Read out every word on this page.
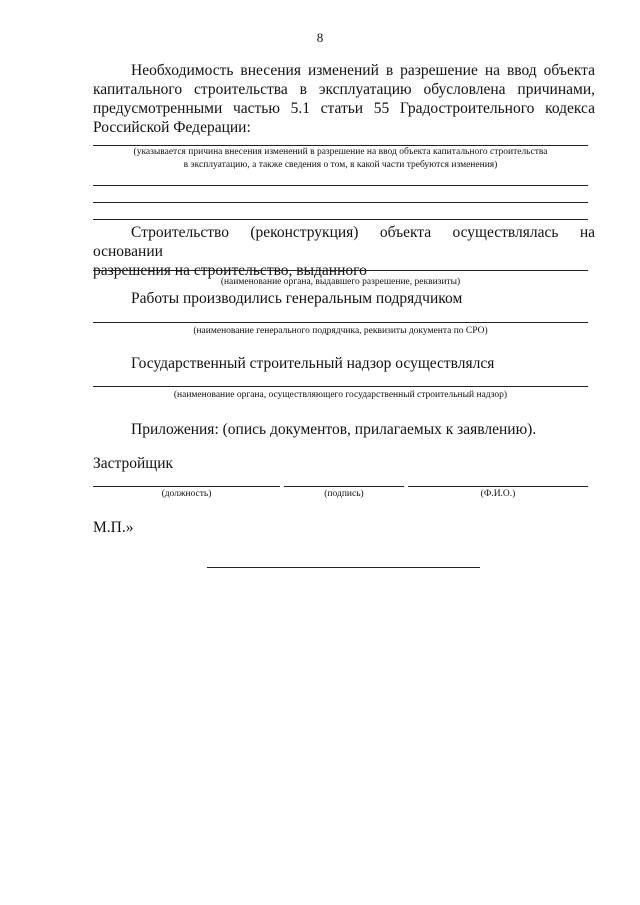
8
Необходимость внесения изменений в разрешение на ввод объекта
капитального строительства в эксплуатацию обусловлена причинами,
предусмотренными частью 5.1 статьи 55 Градостроительного кодекса
Российской Федерации:
(указывается причина внесения изменений в разрешение на ввод объекта капитального строительства
в эксплуатацию, а также сведения о том, в какой части требуются изменения)
Строительство (реконструкция) объекта осуществлялась на основании
разрешения на строительство, выданного
(наименование органа, выдавшего разрешение, реквизиты)
Работы производились генеральным подрядчиком
(наименование генерального подрядчика, реквизиты документа по СРО)
Государственный строительный надзор осуществлялся
(наименование органа, осуществляющего государственный строительный надзор)
Приложения: (опись документов, прилагаемых к заявлению).
Застройщик
(должность)	(подпись)	(Ф.И.О.)
М.П.»
